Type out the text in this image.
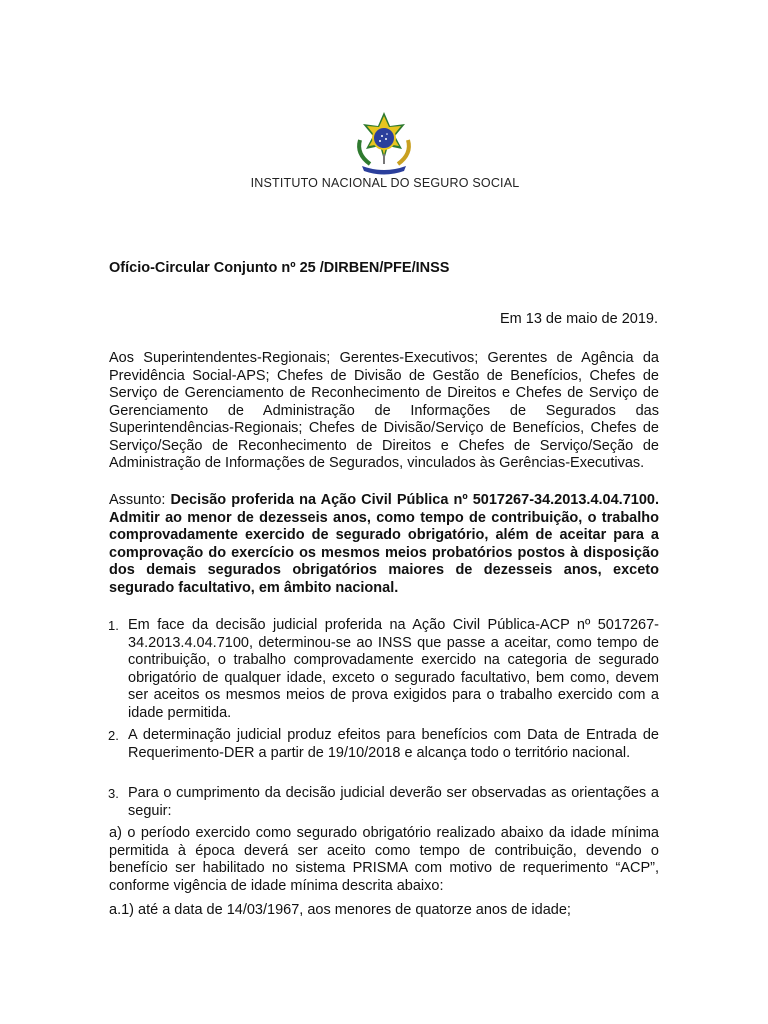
INSTITUTO NACIONAL DO SEGURO SOCIAL
Ofício-Circular Conjunto nº 25 /DIRBEN/PFE/INSS
Em 13 de maio de 2019.
Aos Superintendentes-Regionais; Gerentes-Executivos; Gerentes de Agência da Previdência Social-APS; Chefes de Divisão de Gestão de Benefícios, Chefes de Serviço de Gerenciamento de Reconhecimento de Direitos e Chefes de Serviço de Gerenciamento de Administração de Informações de Segurados das Superintendências-Regionais; Chefes de Divisão/Serviço de Benefícios, Chefes de Serviço/Seção de Reconhecimento de Direitos e Chefes de Serviço/Seção de Administração de Informações de Segurados, vinculados às Gerências-Executivas.
Assunto: Decisão proferida na Ação Civil Pública nº 5017267-34.2013.4.04.7100. Admitir ao menor de dezesseis anos, como tempo de contribuição, o trabalho comprovadamente exercido de segurado obrigatório, além de aceitar para a comprovação do exercício os mesmos meios probatórios postos à disposição dos demais segurados obrigatórios maiores de dezesseis anos, exceto segurado facultativo, em âmbito nacional.
1. Em face da decisão judicial proferida na Ação Civil Pública-ACP nº 5017267-34.2013.4.04.7100, determinou-se ao INSS que passe a aceitar, como tempo de contribuição, o trabalho comprovadamente exercido na categoria de segurado obrigatório de qualquer idade, exceto o segurado facultativo, bem como, devem ser aceitos os mesmos meios de prova exigidos para o trabalho exercido com a idade permitida.
2. A determinação judicial produz efeitos para benefícios com Data de Entrada de Requerimento-DER a partir de 19/10/2018 e alcança todo o território nacional.
3. Para o cumprimento da decisão judicial deverão ser observadas as orientações a seguir:
a) o período exercido como segurado obrigatório realizado abaixo da idade mínima permitida à época deverá ser aceito como tempo de contribuição, devendo o benefício ser habilitado no sistema PRISMA com motivo de requerimento “ACP”, conforme vigência de idade mínima descrita abaixo:
a.1) até a data de 14/03/1967, aos menores de quatorze anos de idade;
